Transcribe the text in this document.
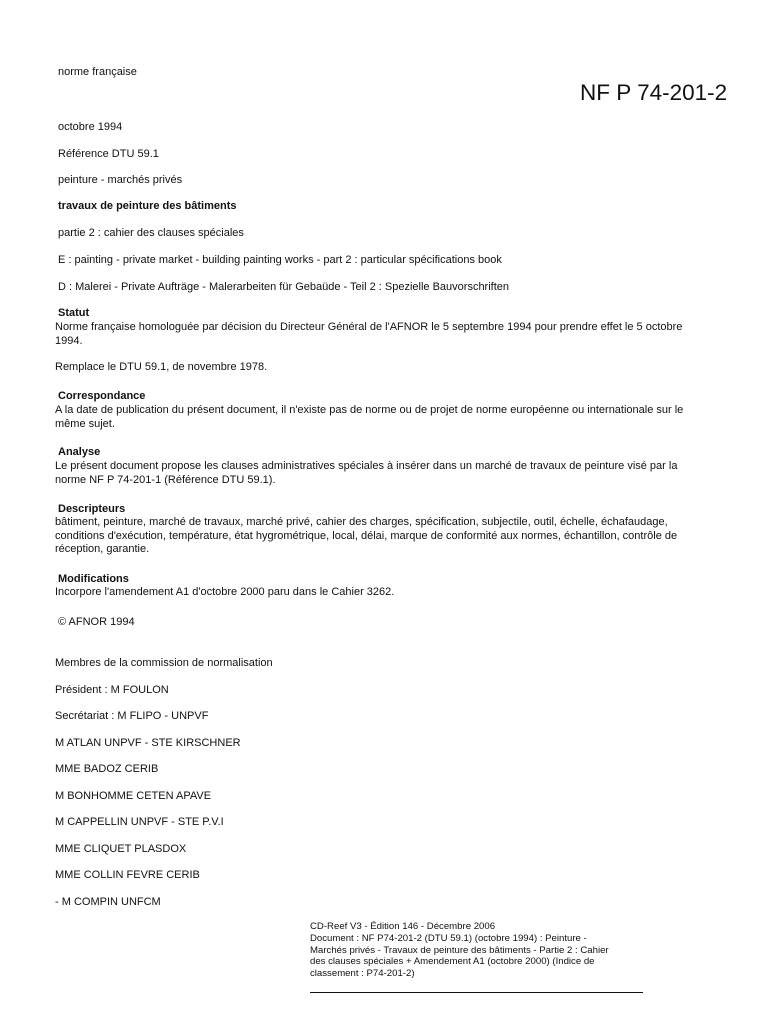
norme française
NF P 74-201-2
octobre 1994
Référence DTU 59.1
peinture - marchés privés
travaux de peinture des bâtiments
partie 2 : cahier des clauses spéciales
E : painting - private market - building painting works - part 2 : particular spécifications book
D : Malerei - Private Aufträge - Malerarbeiten für Gebaüde - Teil 2 : Spezielle Bauvorschriften
Statut
Norme française homologuée par décision du Directeur Général de l'AFNOR le 5 septembre 1994 pour prendre effet le 5 octobre
1994.
Remplace le DTU 59.1, de novembre 1978.
Correspondance
A la date de publication du présent document, il n'existe pas de norme ou de projet de norme européenne ou internationale sur le
même sujet.
Analyse
Le présent document propose les clauses administratives spéciales à insérer dans un marché de travaux de peinture visé par la
norme NF P 74-201-1 (Référence DTU 59.1).
Descripteurs
bâtiment, peinture, marché de travaux, marché privé, cahier des charges, spécification, subjectile, outil, échelle, échafaudage,
conditions d'exécution, température, état hygrométrique, local, délai, marque de conformité aux normes, échantillon, contrôle de
réception, garantie.
Modifications
Incorpore l'amendement A1 d'octobre 2000 paru dans le Cahier 3262.
© AFNOR 1994
Membres de la commission de normalisation
Président : M FOULON
Secrétariat : M FLIPO - UNPVF
M ATLAN UNPVF - STE KIRSCHNER
MME BADOZ CERIB
M BONHOMME CETEN APAVE
M CAPPELLIN UNPVF - STE P.V.I
MME CLIQUET PLASDOX
MME COLLIN FEVRE CERIB
- M COMPIN UNFCM
CD-Reef V3 - Édition 146 - Décembre 2006
Document : NF P74-201-2 (DTU 59.1) (octobre 1994) : Peinture -
Marchés privés - Travaux de peinture des bâtiments - Partie 2 : Cahier
des clauses spéciales + Amendement A1 (octobre 2000) (Indice de
classement : P74-201-2)
